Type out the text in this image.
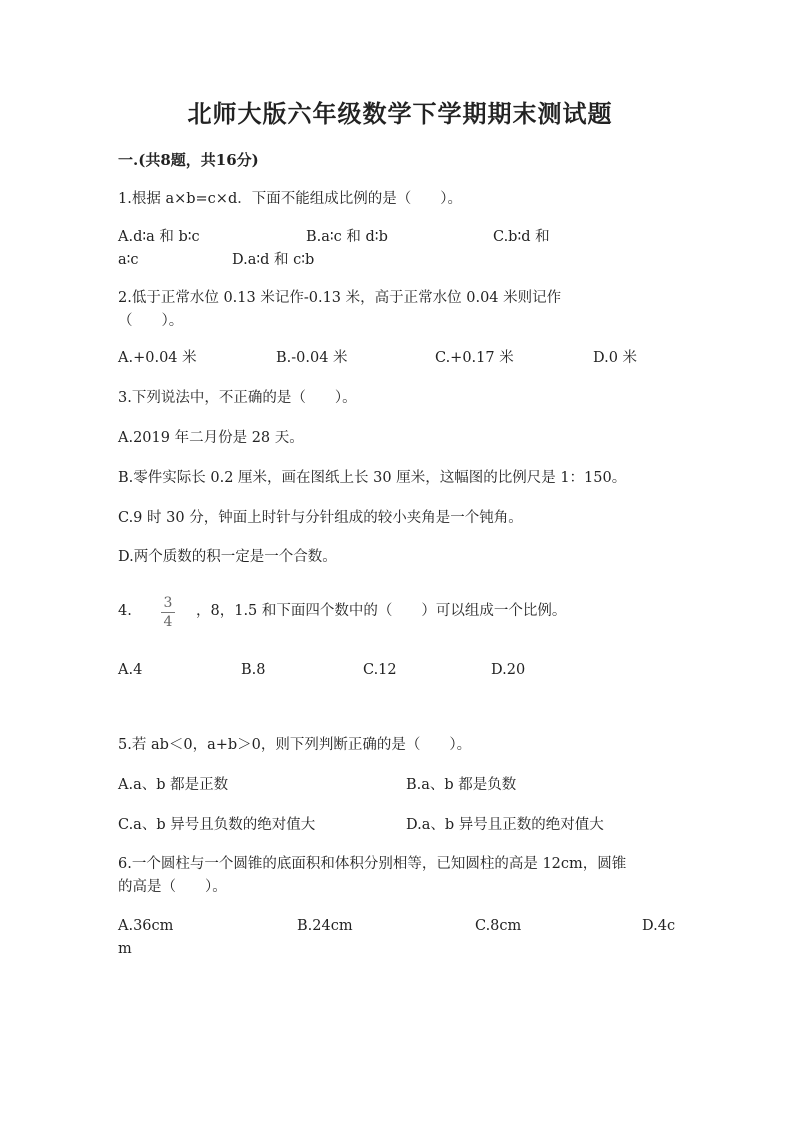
北师大版六年级数学下学期期末测试题
一.(共8题，共16分)
1.根据 a×b=c×d．下面不能组成比例的是（　　）。
A.d∶a 和 b∶c	B.a∶c 和 d∶b	C.b∶d 和
a∶c	D.a∶d 和 c∶b
2.低于正常水位 0.13 米记作-0.13 米，高于正常水位 0.04 米则记作
（　　）。
A.+0.04 米	B.-0.04 米	C.+0.17 米	D.0 米
3.下列说法中，不正确的是（　　）。
A.2019 年二月份是 28 天。
B.零件实际长 0.2 厘米，画在图纸上长 30 厘米，这幅图的比例尺是 1：150。
C.9 时 30 分，钟面上时针与分针组成的较小夹角是一个钝角。
D.两个质数的积一定是一个合数。
4. 3
4
，8，1.5 和下面四个数中的（　　）可以组成一个比例。
A.4	B.8	C.12	D.20
5.若 ab＜0，a+b＞0，则下列判断正确的是（　　）。
A.a、b 都是正数	B.a、b 都是负数
C.a、b 异号且负数的绝对值大	D.a、b 异号且正数的绝对值大
6.一个圆柱与一个圆锥的底面积和体积分别相等，已知圆柱的高是 12cm，圆锥
的高是（　　）。
A.36cm	B.24cm	C.8cm	D.4c
m
